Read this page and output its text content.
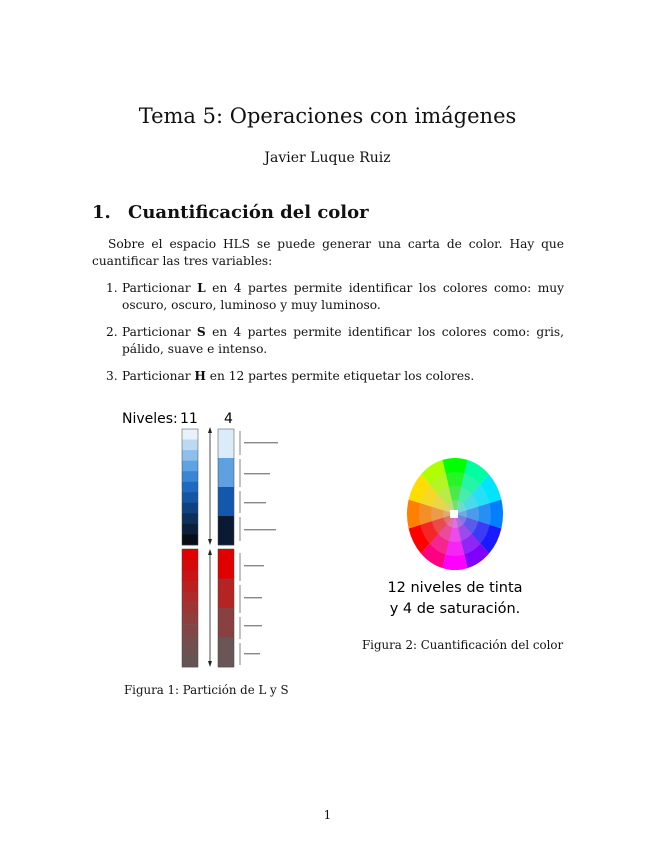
Tema 5: Operaciones con imágenes
Javier Luque Ruiz
1. Cuantificación del color
Sobre el espacio HLS se puede generar una carta de color. Hay que cuantificar las tres variables:
1. Particionar L en 4 partes permite identificar los colores como: muy oscuro, oscuro, luminoso y muy luminoso.
2. Particionar S en 4 partes permite identificar los colores como: gris, pálido, suave e intenso.
3. Particionar H en 12 partes permite etiquetar los colores.
Niveles: 11 4
12 niveles de tinta
y 4 de saturación.
Figura 1: Partición de L y S
Figura 2: Cuantificación del color
1
